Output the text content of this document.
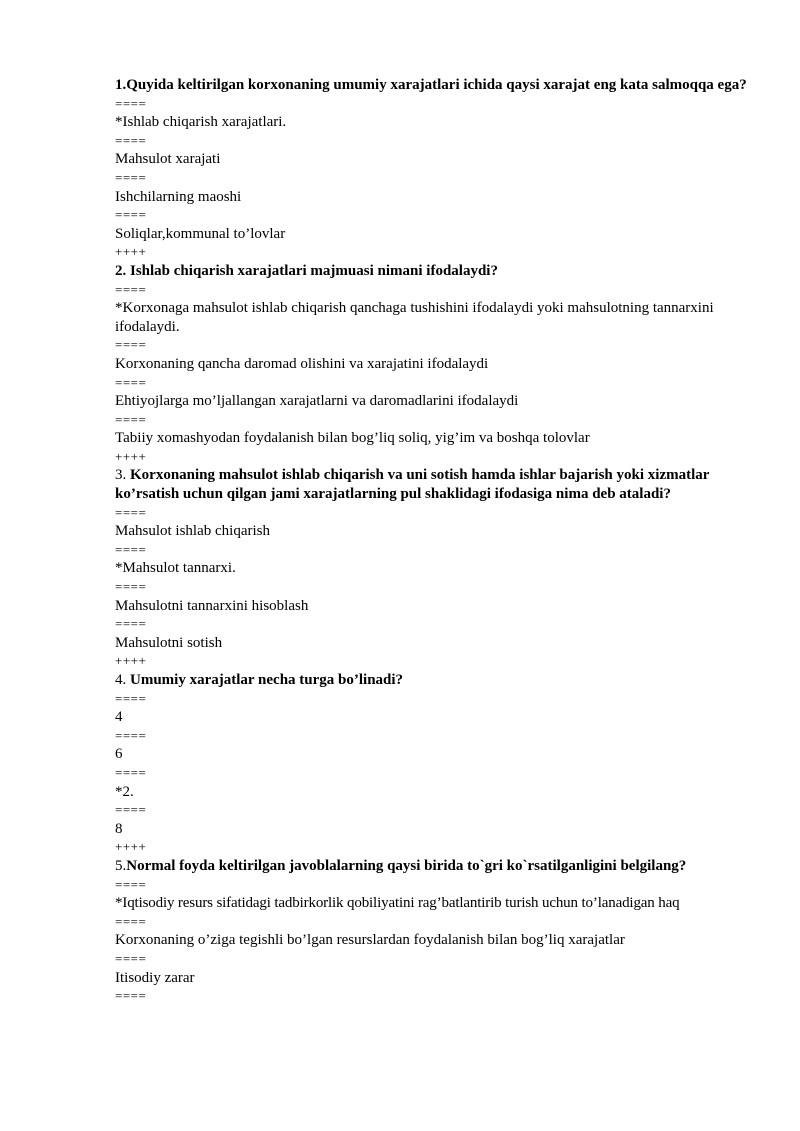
1.Quyida keltirilgan korxonaning umumiy xarajatlari ichida qaysi xarajat eng kata salmoqqa ega?
====
*Ishlab chiqarish xarajatlari.
====
Mahsulot xarajati
====
Ishchilarning maoshi
====
Soliqlar,kommunal to’lovlar
++++
2. Ishlab chiqarish xarajatlari majmuasi nimani ifodalaydi?
====
*Korxonaga mahsulot ishlab chiqarish qanchaga tushishini ifodalaydi yoki mahsulotning tannarxini ifodalaydi.
====
Korxonaning qancha daromad olishini va xarajatini ifodalaydi
====
Ehtiyojlarga mo’ljallangan xarajatlarni va daromadlarini ifodalaydi
====
Tabiiy xomashyodan foydalanish bilan bog’liq soliq, yig’im va boshqa tolovlar
++++
3. Korxonaning mahsulot ishlab chiqarish va uni sotish hamda ishlar bajarish yoki xizmatlar ko’rsatish uchun qilgan jami xarajatlarning pul shaklidagi ifodasiga nima deb ataladi?
====
Mahsulot ishlab chiqarish
====
*Mahsulot tannarxi.
====
Mahsulotni tannarxini hisoblash
====
Mahsulotni sotish
++++
4. Umumiy xarajatlar necha turga bo’linadi?
====
4
====
6
====
*2.
====
8
++++
5.Normal foyda keltirilgan javoblalarning qaysi birida to`gri ko`rsatilganligini belgilang?
====
*Iqtisodiy resurs sifatidagi tadbirkorlik qobiliyatini rag’batlantirib turish uchun to’lanadigan haq
====
Korxonaning o’ziga tegishli bo’lgan resurslardan foydalanish bilan bog’liq xarajatlar
====
Itisodiy zarar
====
